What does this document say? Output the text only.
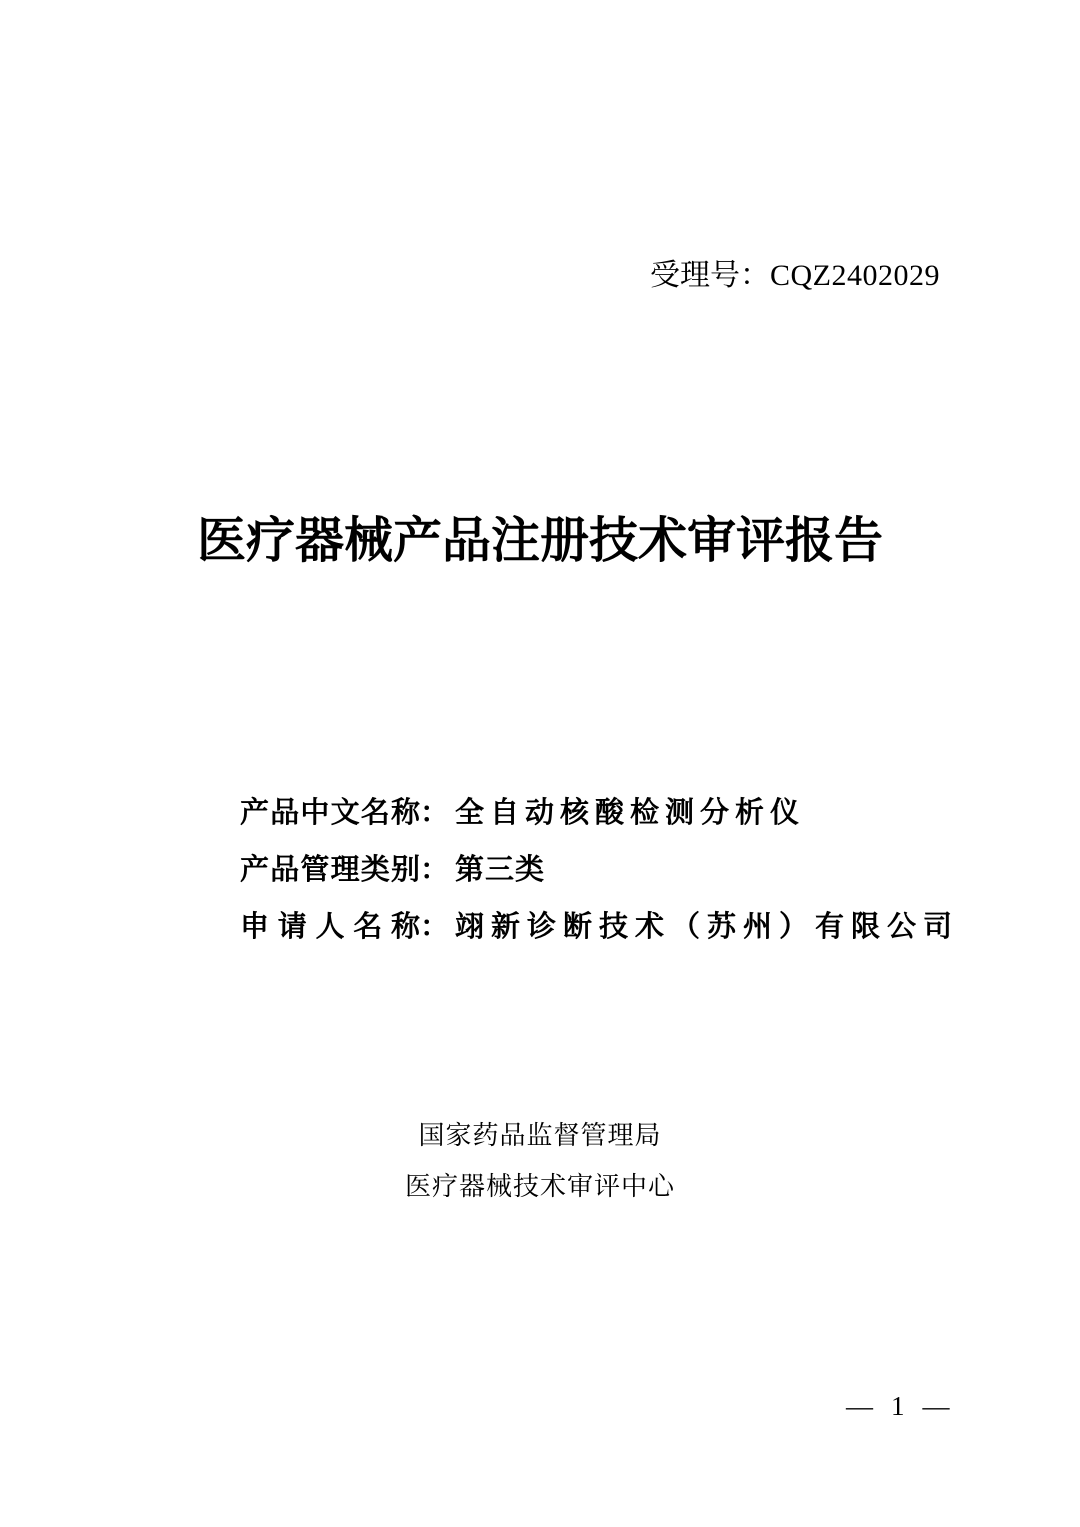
受理号：CQZ2402029
医疗器械产品注册技术审评报告
产品中文名称 ： 全自动核酸检测分析仪
产品管理类别 ： 第三类
申请人名称 ： 翊新诊断技术（苏州）有限公司
国家药品监督管理局
医疗器械技术审评中心
— 1 —
